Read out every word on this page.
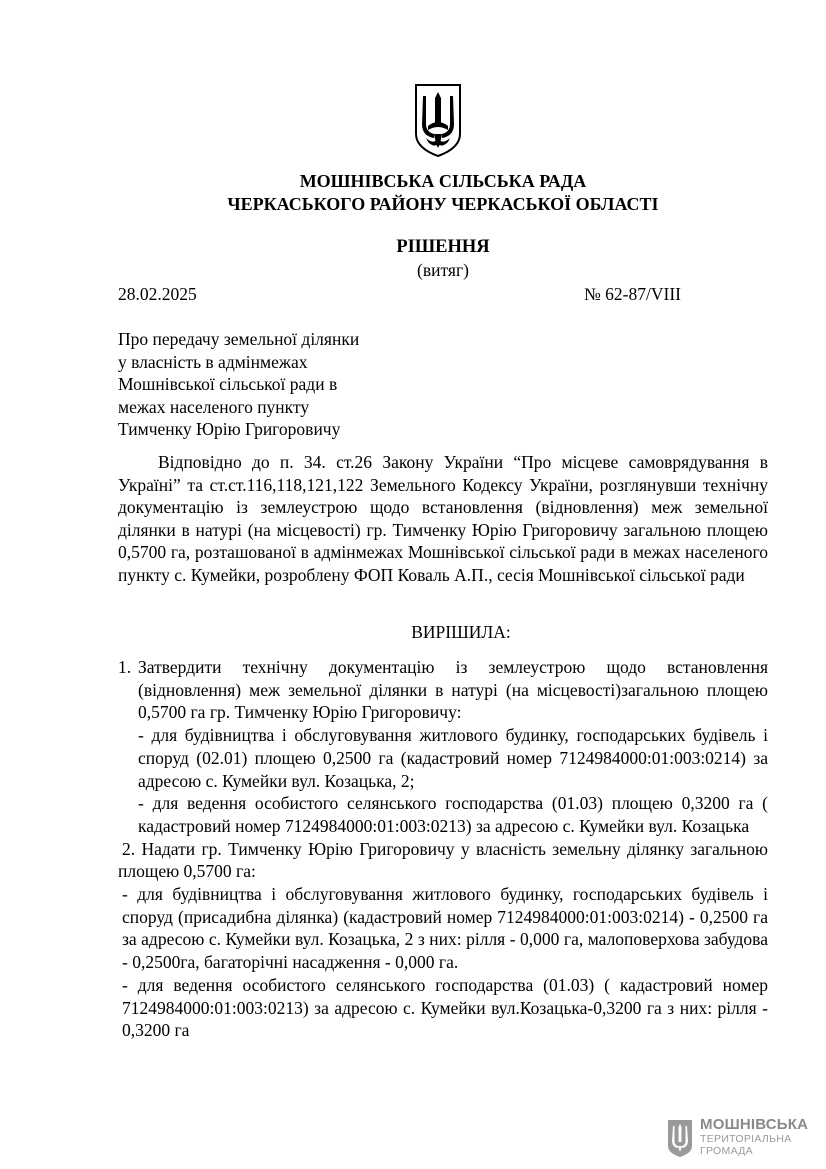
МОШНІВСЬКА СІЛЬСЬКА РАДА
ЧЕРКАСЬКОГО РАЙОНУ ЧЕРКАСЬКОЇ ОБЛАСТІ
РІШЕННЯ
(витяг)
28.02.2025	№ 62-87/VIII
Про передачу земельної ділянки
у власність в адмінмежах
Мошнівської сільської ради в
межах населеного пункту
Тимченку Юрію Григоровичу

Відповідно до п. 34. ст.26 Закону України “Про місцеве самоврядування в Україні” та ст.ст.116,118,121,122 Земельного Кодексу України, розглянувши технічну документацію із землеустрою щодо встановлення (відновлення) меж земельної ділянки в натурі (на місцевості) гр. Тимченку Юрію Григоровичу загальною площею 0,5700 га, розташованої в адмінмежах Мошнівської сільської ради в межах населеного пункту с. Кумейки, розроблену ФОП Коваль А.П., сесія Мошнівської сільської ради

ВИРІШИЛА:
1. Затвердити технічну документацію із землеустрою щодо встановлення (відновлення) меж земельної ділянки в натурі (на місцевості)загальною площею 0,5700 га гр. Тимченку Юрію Григоровичу:

- для будівництва і обслуговування житлового будинку, господарських будівель і споруд (02.01) площею 0,2500 га (кадастровий номер 7124984000:01:003:0214) за адресою с. Кумейки вул. Козацька, 2;

- для ведення особистого селянського господарства (01.03) площею 0,3200 га ( кадастровий номер 7124984000:01:003:0213) за адресою с. Кумейки вул. Козацька

2. Надати гр. Тимченку Юрію Григоровичу у власність земельну ділянку загальною площею 0,5700 га:

- для будівництва і обслуговування житлового будинку, господарських будівель і споруд (присадибна ділянка) (кадастровий номер 7124984000:01:003:0214) - 0,2500 га за адресою с. Кумейки вул. Козацька, 2 з них: рілля - 0,000 га, малоповерхова забудова - 0,2500га, багаторічні насадження - 0,000 га.

- для ведення особистого селянського господарства (01.03) ( кадастровий номер 7124984000:01:003:0213) за адресою с. Кумейки вул.Козацька-0,3200 га з них: рілля - 0,3200 га

МОШНІВСЬКА
ТЕРИТОРІАЛЬНА
ГРОМАДА
